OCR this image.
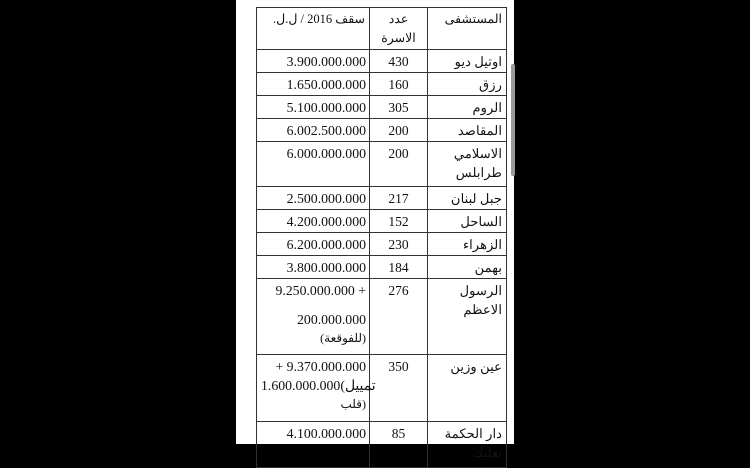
المستشفى	عدد الاسرة	سقف 2016 / ل.ل.
اوتيل ديو	430	3.900.000.000
رزق	160	1.650.000.000
الروم	305	5.100.000.000
المقاصد	200	6.002.500.000

الاسلامي
طرابلس	200	6.000.000.000
جبل لبنان	217	2.500.000.000
الساحل	152	4.200.000.000
الزهراء	230	6.200.000.000
بهمن	184	3.800.000.000
الرسول الاعظم	276	9.250.000.000 +
200.000.000
(للفوقعة)

عين وزين	350	+ 9.370.000.000
1.600.000.000(تمييل
قلب)

دار الحكمة
بعلبك	85	4.100.000.000
